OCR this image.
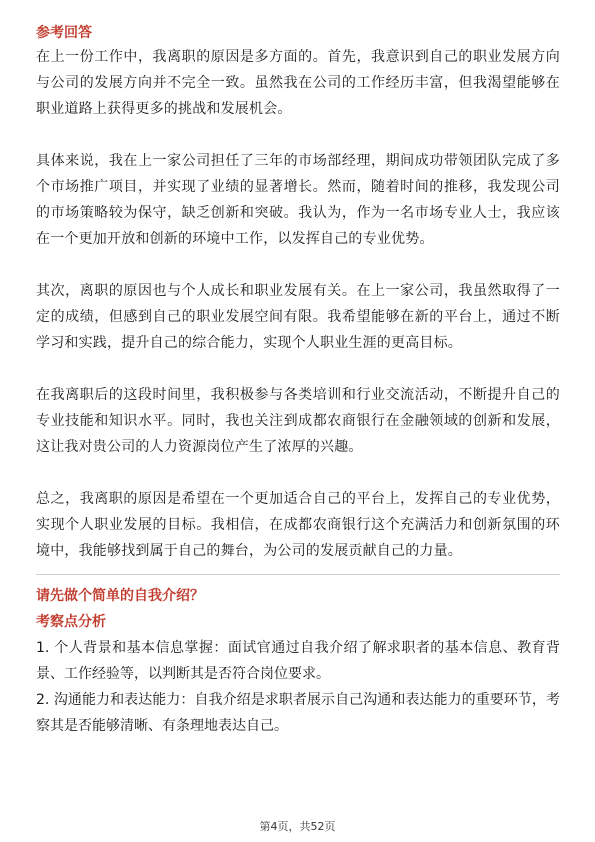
参考回答

在上一份工作中，我离职的原因是多方面的。首先，我意识到自己的职业发展方向与公司的发展方向并不完全一致。虽然我在公司的工作经历丰富，但我渴望能够在职业道路上获得更多的挑战和发展机会。

具体来说，我在上一家公司担任了三年的市场部经理，期间成功带领团队完成了多个市场推广项目，并实现了业绩的显著增长。然而，随着时间的推移，我发现公司的市场策略较为保守，缺乏创新和突破。我认为，作为一名市场专业人士，我应该在一个更加开放和创新的环境中工作，以发挥自己的专业优势。

其次，离职的原因也与个人成长和职业发展有关。在上一家公司，我虽然取得了一定的成绩，但感到自己的职业发展空间有限。我希望能够在新的平台上，通过不断学习和实践，提升自己的综合能力，实现个人职业生涯的更高目标。

在我离职后的这段时间里，我积极参与各类培训和行业交流活动，不断提升自己的专业技能和知识水平。同时，我也关注到成都农商银行在金融领域的创新和发展，这让我对贵公司的人力资源岗位产生了浓厚的兴趣。

总之，我离职的原因是希望在一个更加适合自己的平台上，发挥自己的专业优势，实现个人职业发展的目标。我相信，在成都农商银行这个充满活力和创新氛围的环境中，我能够找到属于自己的舞台，为公司的发展贡献自己的力量。

请先做个简单的自我介绍？

考察点分析

1. 个人背景和基本信息掌握：面试官通过自我介绍了解求职者的基本信息、教育背景、工作经验等，以判断其是否符合岗位要求。

2. 沟通能力和表达能力：自我介绍是求职者展示自己沟通和表达能力的重要环节，考察其是否能够清晰、有条理地表达自己。

第4页，共52页
